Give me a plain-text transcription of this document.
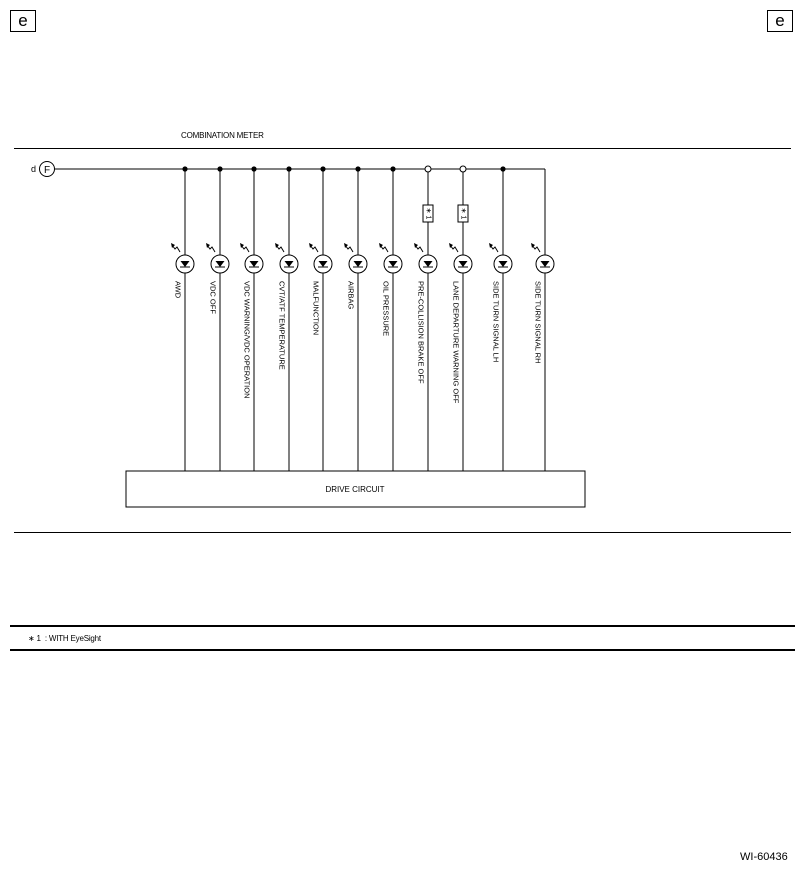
e	e
COMBINATION METER
∗ 1 : WITH EyeSight
WI-60436
d F
AWD	VDC OFF	VDC WARNING/VDC OPERATION	CVT/ATF TEMPERATURE	MALFUNCTION	AIRBAG	OIL PRESSURE
∗ 1
PRE-COLLISION BRAKE OFF
∗ 1
LANE DEPARTURE WARNING OFF	SIDE TURN SIGNAL LH	SIDE TURN SIGNAL RH
DRIVE CIRCUIT
